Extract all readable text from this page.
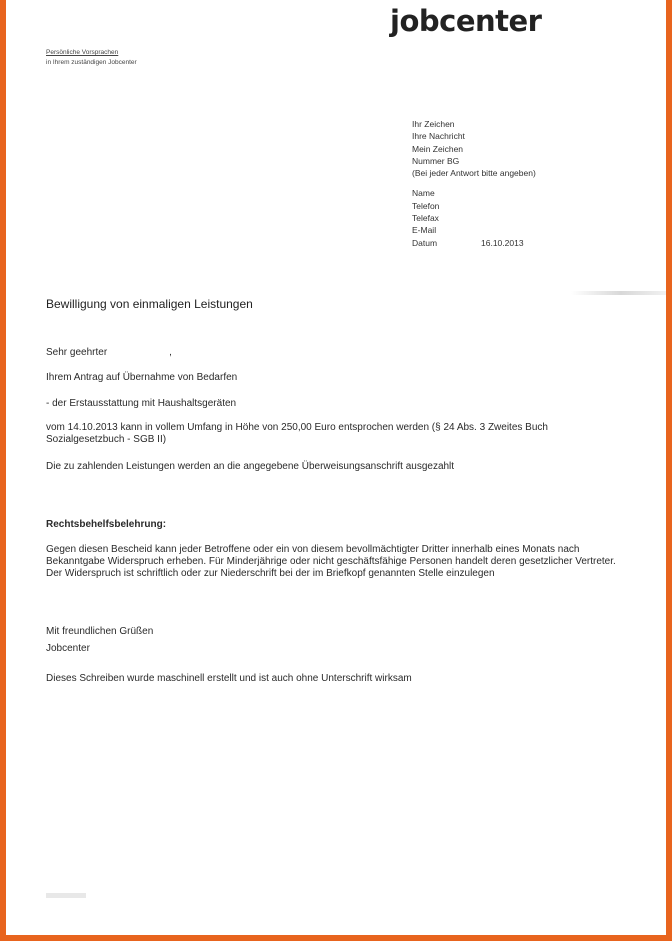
jobcenter
Persönliche Vorsprachen
in Ihrem zuständigen Jobcenter
Ihr Zeichen
Ihre Nachricht
Mein Zeichen
Nummer BG
(Bei jeder Antwort bitte angeben)
Name
Telefon
Telefax
E-Mail
Datum	16.10.2013
Bewilligung von einmaligen Leistungen
Sehr geehrter	,
Ihrem Antrag auf Übernahme von Bedarfen
- der Erstausstattung mit Haushaltsgeräten
vom 14.10.2013 kann in vollem Umfang in Höhe von 250,00 Euro entsprochen werden (§ 24 Abs. 3 Zweites Buch Sozialgesetzbuch - SGB II)
Die zu zahlenden Leistungen werden an die angegebene Überweisungsanschrift ausgezahlt
Rechtsbehelfsbelehrung:
Gegen diesen Bescheid kann jeder Betroffene oder ein von diesem bevollmächtigter Dritter innerhalb eines Monats nach Bekanntgabe Widerspruch erheben. Für Minderjährige oder nicht geschäftsfähige Personen handelt deren gesetzlicher Vertreter. Der Widerspruch ist schriftlich oder zur Niederschrift bei der im Briefkopf genannten Stelle einzulegen
Mit freundlichen Grüßen
Jobcenter
Dieses Schreiben wurde maschinell erstellt und ist auch ohne Unterschrift wirksam
